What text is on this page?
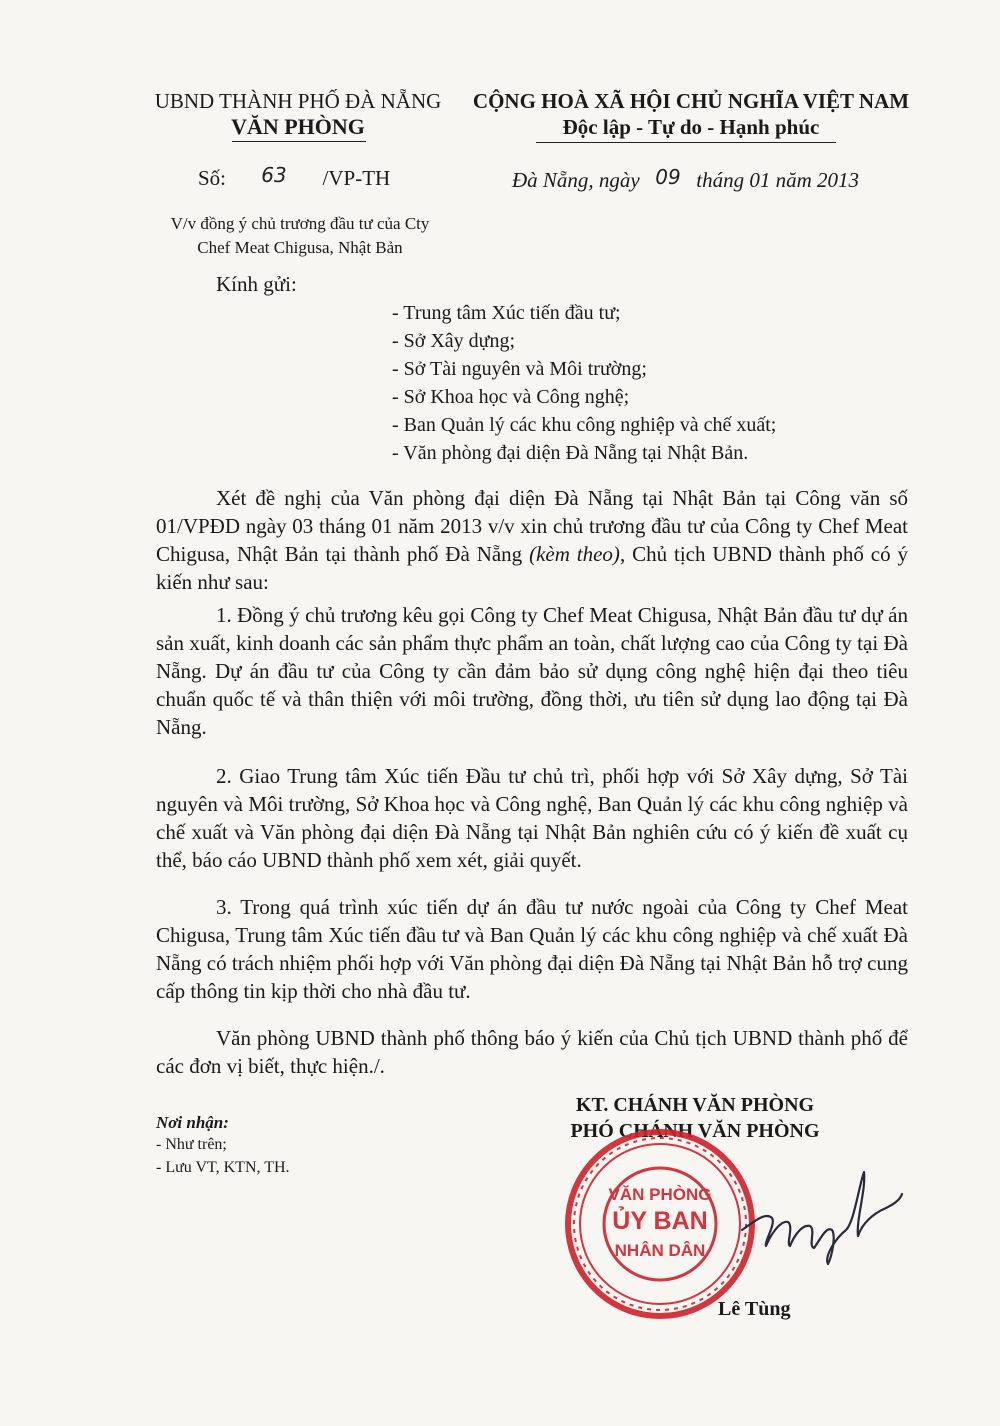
UBND THÀNH PHỐ ĐÀ NẴNG
VĂN PHÒNG
CỘNG HOÀ XÃ HỘI CHỦ NGHĨA VIỆT NAM
Độc lập - Tự do - Hạnh phúc
Số: 63 /VP-TH	Đà Nẵng, ngày 09 tháng 01 năm 2013
V/v đồng ý chủ trương đầu tư của Cty
Chef Meat Chigusa, Nhật Bản
Kính gửi:
- Trung tâm Xúc tiến đầu tư;
- Sở Xây dựng;
- Sở Tài nguyên và Môi trường;
- Sở Khoa học và Công nghệ;
- Ban Quản lý các khu công nghiệp và chế xuất;
- Văn phòng đại diện Đà Nẵng tại Nhật Bản.
Xét đề nghị của Văn phòng đại diện Đà Nẵng tại Nhật Bản tại Công văn số 01/VPĐD ngày 03 tháng 01 năm 2013 v/v xin chủ trương đầu tư của Công ty Chef Meat Chigusa, Nhật Bản tại thành phố Đà Nẵng (kèm theo), Chủ tịch UBND thành phố có ý kiến như sau:
1. Đồng ý chủ trương kêu gọi Công ty Chef Meat Chigusa, Nhật Bản đầu tư dự án sản xuất, kinh doanh các sản phẩm thực phẩm an toàn, chất lượng cao của Công ty tại Đà Nẵng. Dự án đầu tư của Công ty cần đảm bảo sử dụng công nghệ hiện đại theo tiêu chuẩn quốc tế và thân thiện với môi trường, đồng thời, ưu tiên sử dụng lao động tại Đà Nẵng.
2. Giao Trung tâm Xúc tiến Đầu tư chủ trì, phối hợp với Sở Xây dựng, Sở Tài nguyên và Môi trường, Sở Khoa học và Công nghệ, Ban Quản lý các khu công nghiệp và chế xuất và Văn phòng đại diện Đà Nẵng tại Nhật Bản nghiên cứu có ý kiến đề xuất cụ thể, báo cáo UBND thành phố xem xét, giải quyết.
3. Trong quá trình xúc tiến dự án đầu tư nước ngoài của Công ty Chef Meat Chigusa, Trung tâm Xúc tiến đầu tư và Ban Quản lý các khu công nghiệp và chế xuất Đà Nẵng có trách nhiệm phối hợp với Văn phòng đại diện Đà Nẵng tại Nhật Bản hỗ trợ cung cấp thông tin kịp thời cho nhà đầu tư.
Văn phòng UBND thành phố thông báo ý kiến của Chủ tịch UBND thành phố để các đơn vị biết, thực hiện./.
Nơi nhận:
- Như trên;
- Lưu VT, KTN, TH.
KT. CHÁNH VĂN PHÒNG
PHÓ CHÁNH VĂN PHÒNG
VĂN PHÒNG
ỦY BAN
NHÂN DÂN
Lê Tùng
